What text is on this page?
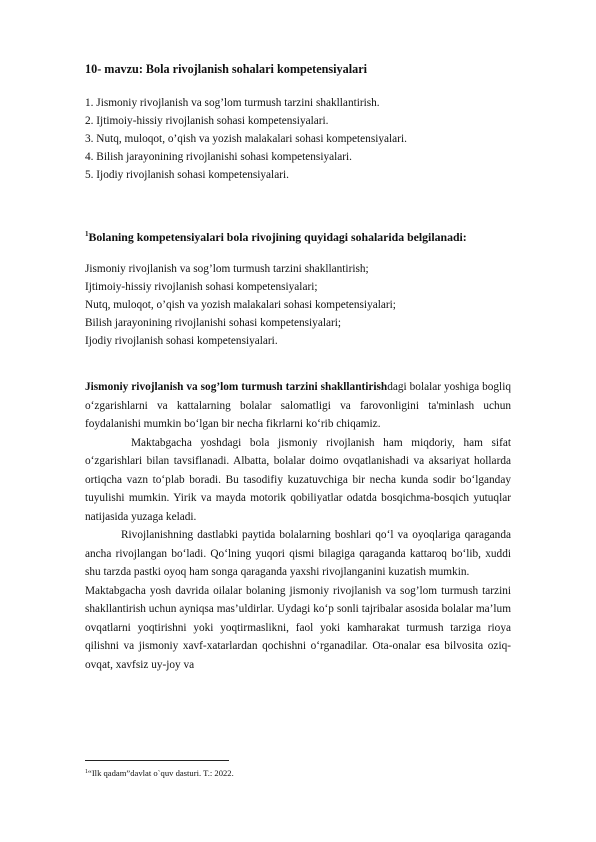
10- mavzu: Bola rivojlanish sohalari kompetensiyalari
1. Jismoniy rivojlanish va sog’lom turmush tarzini shakllantirish.
2. Ijtimoiy-hissiy rivojlanish sohasi kompetensiyalari.
3. Nutq, muloqot, o’qish va yozish malakalari sohasi kompetensiyalari.
4. Bilish jarayonining rivojlanishi sohasi kompetensiyalari.
5. Ijodiy rivojlanish sohasi kompetensiyalari.
$^1$Bolaning kompetensiyalari bola rivojining quyidagi sohalarida belgilanadi:
Jismoniy rivojlanish va sog’lom turmush tarzini shakllantirish;
Ijtimoiy-hissiy rivojlanish sohasi kompetensiyalari;
Nutq, muloqot, o’qish va yozish malakalari sohasi kompetensiyalari;
Bilish jarayonining rivojlanishi sohasi kompetensiyalari;
Ijodiy rivojlanish sohasi kompetensiyalari.

Jismoniy rivojlanish va sog’lom turmush tarzini shakllantirishdagi bolalar yoshiga bogliq o‘zgarishlarni va kattalarning bolalar salomatligi va farovonligini ta'minlash uchun foydalanishi mumkin bo‘lgan bir necha fikrlarni ko‘rib chiqamiz.

Maktabgacha yoshdagi bola jismoniy rivojlanish ham miqdoriy, ham sifat o‘zgarishlari bilan tavsiflanadi. Albatta, bolalar doimo ovqatlanishadi va aksariyat hollarda ortiqcha vazn to‘plab boradi. Bu tasodifiy kuzatuvchiga bir necha kunda sodir bo‘lganday tuyulishi mumkin. Yirik va mayda motorik qobiliyatlar odatda bosqichma-bosqich yutuqlar natijasida yuzaga keladi.

Rivojlanishning dastlabki paytida bolalarning boshlari qo‘l va oyoqlariga qaraganda ancha rivojlangan bo‘ladi. Qo‘lning yuqori qismi bilagiga qaraganda kattaroq bo‘lib, xuddi shu tarzda pastki oyoq ham songa qaraganda yaxshi rivojlanganini kuzatish mumkin.

Maktabgacha yosh davrida oilalar bolaning jismoniy rivojlanish va sog’lom turmush tarzini shakllantirish uchun ayniqsa mas’uldirlar. Uydagi ko‘p sonli tajribalar asosida bolalar ma’lum ovqatlarni yoqtirishni yoki yoqtirmaslikni, faol yoki kamharakat turmush tarziga rioya qilishni va jismoniy xavf-xatarlardan qochishni o‘rganadilar. Ota-onalar esa bilvosita oziq-ovqat, xavfsiz uy-joy va

$^1$“Ilk qadam”davlat o`quv dasturi. T.: 2022.
